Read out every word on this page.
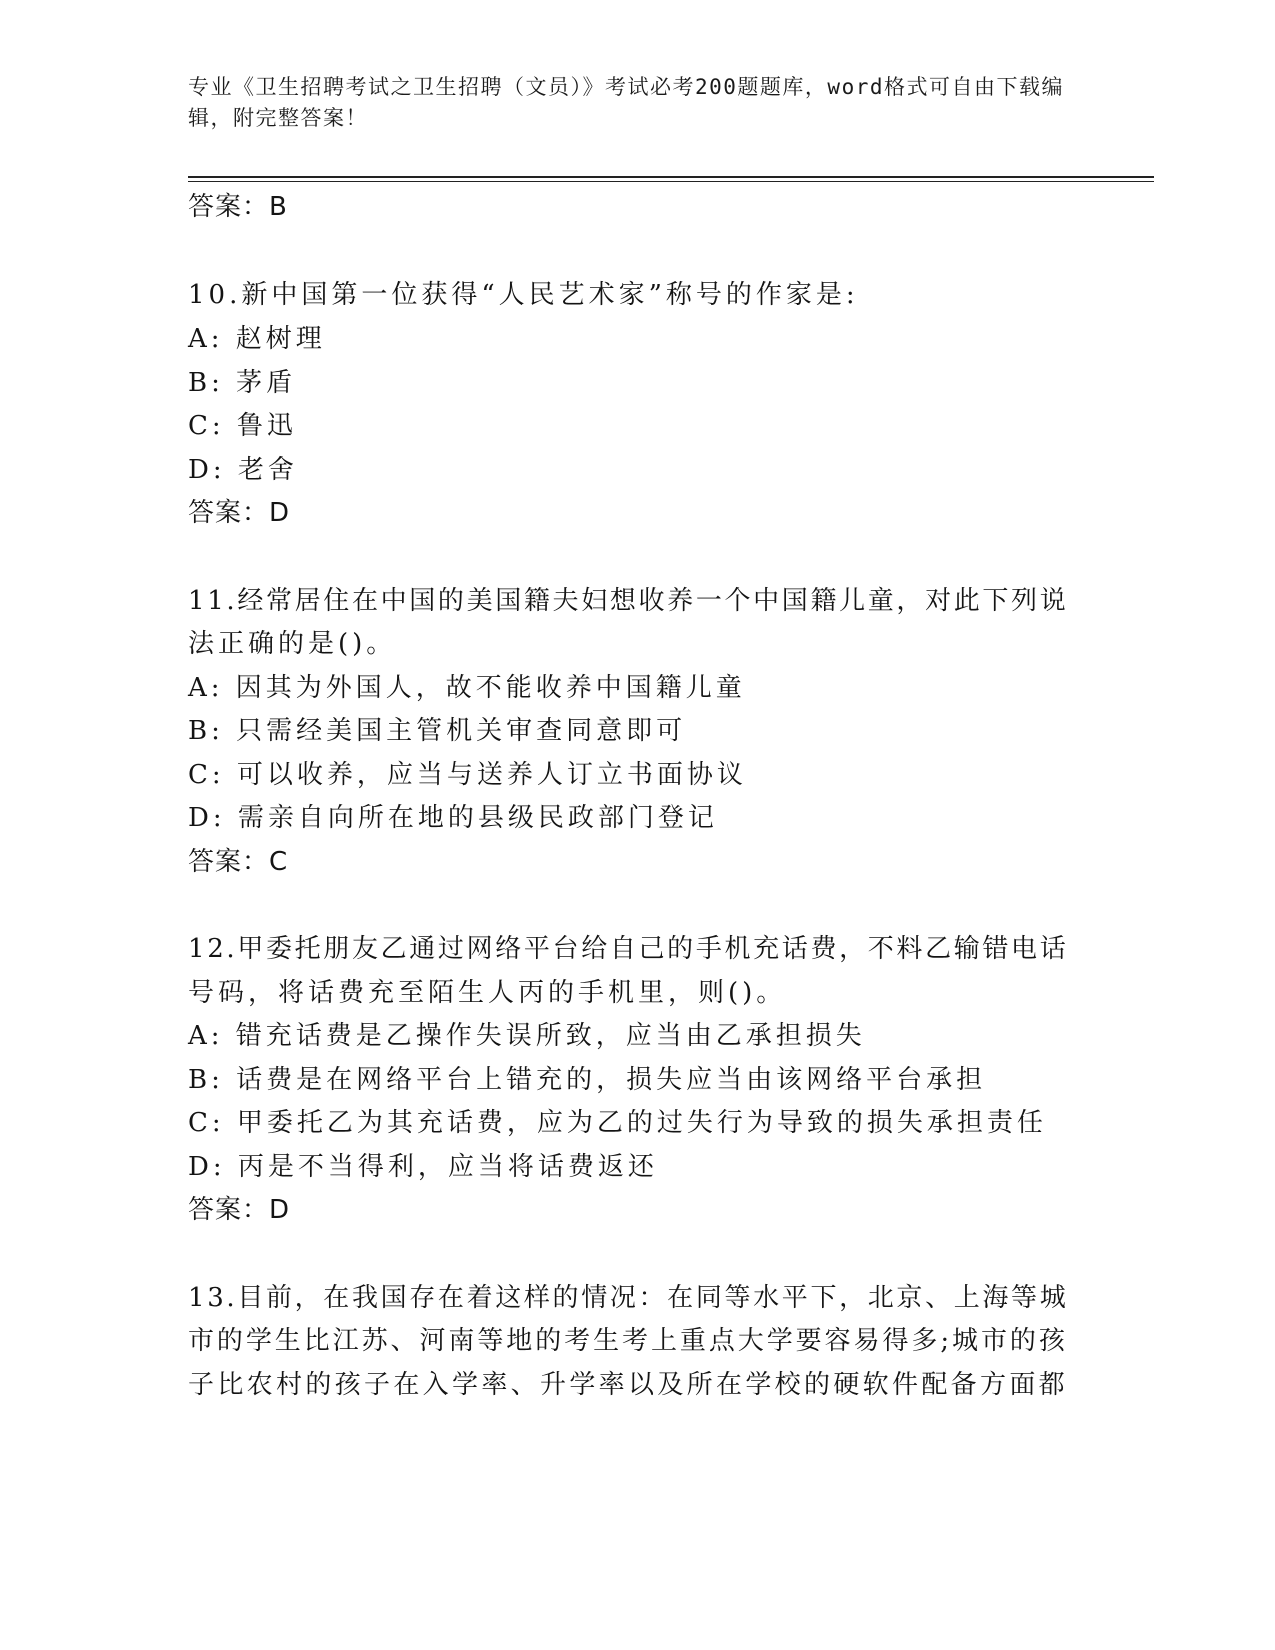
专业《卫生招聘考试之卫生招聘（文员）》考试必考200题题库，word格式可自由下载编辑，附完整答案！
答案：B
10.新中国第一位获得“人民艺术家”称号的作家是:
A: 赵树理
B: 茅盾
C: 鲁迅
D: 老舍
答案：D
11.经常居住在中国的美国籍夫妇想收养一个中国籍儿童，对此下列说
法正确的是()。
A: 因其为外国人，故不能收养中国籍儿童
B: 只需经美国主管机关审查同意即可
C: 可以收养，应当与送养人订立书面协议
D: 需亲自向所在地的县级民政部门登记
答案：C
12.甲委托朋友乙通过网络平台给自己的手机充话费，不料乙输错电话
号码，将话费充至陌生人丙的手机里，则()。
A: 错充话费是乙操作失误所致，应当由乙承担损失
B: 话费是在网络平台上错充的，损失应当由该网络平台承担
C: 甲委托乙为其充话费，应为乙的过失行为导致的损失承担责任
D: 丙是不当得利，应当将话费返还
答案：D
13.目前，在我国存在着这样的情况：在同等水平下，北京、上海等城
市的学生比江苏、河南等地的考生考上重点大学要容易得多;城市的孩
子比农村的孩子在入学率、升学率以及所在学校的硬软件配备方面都
